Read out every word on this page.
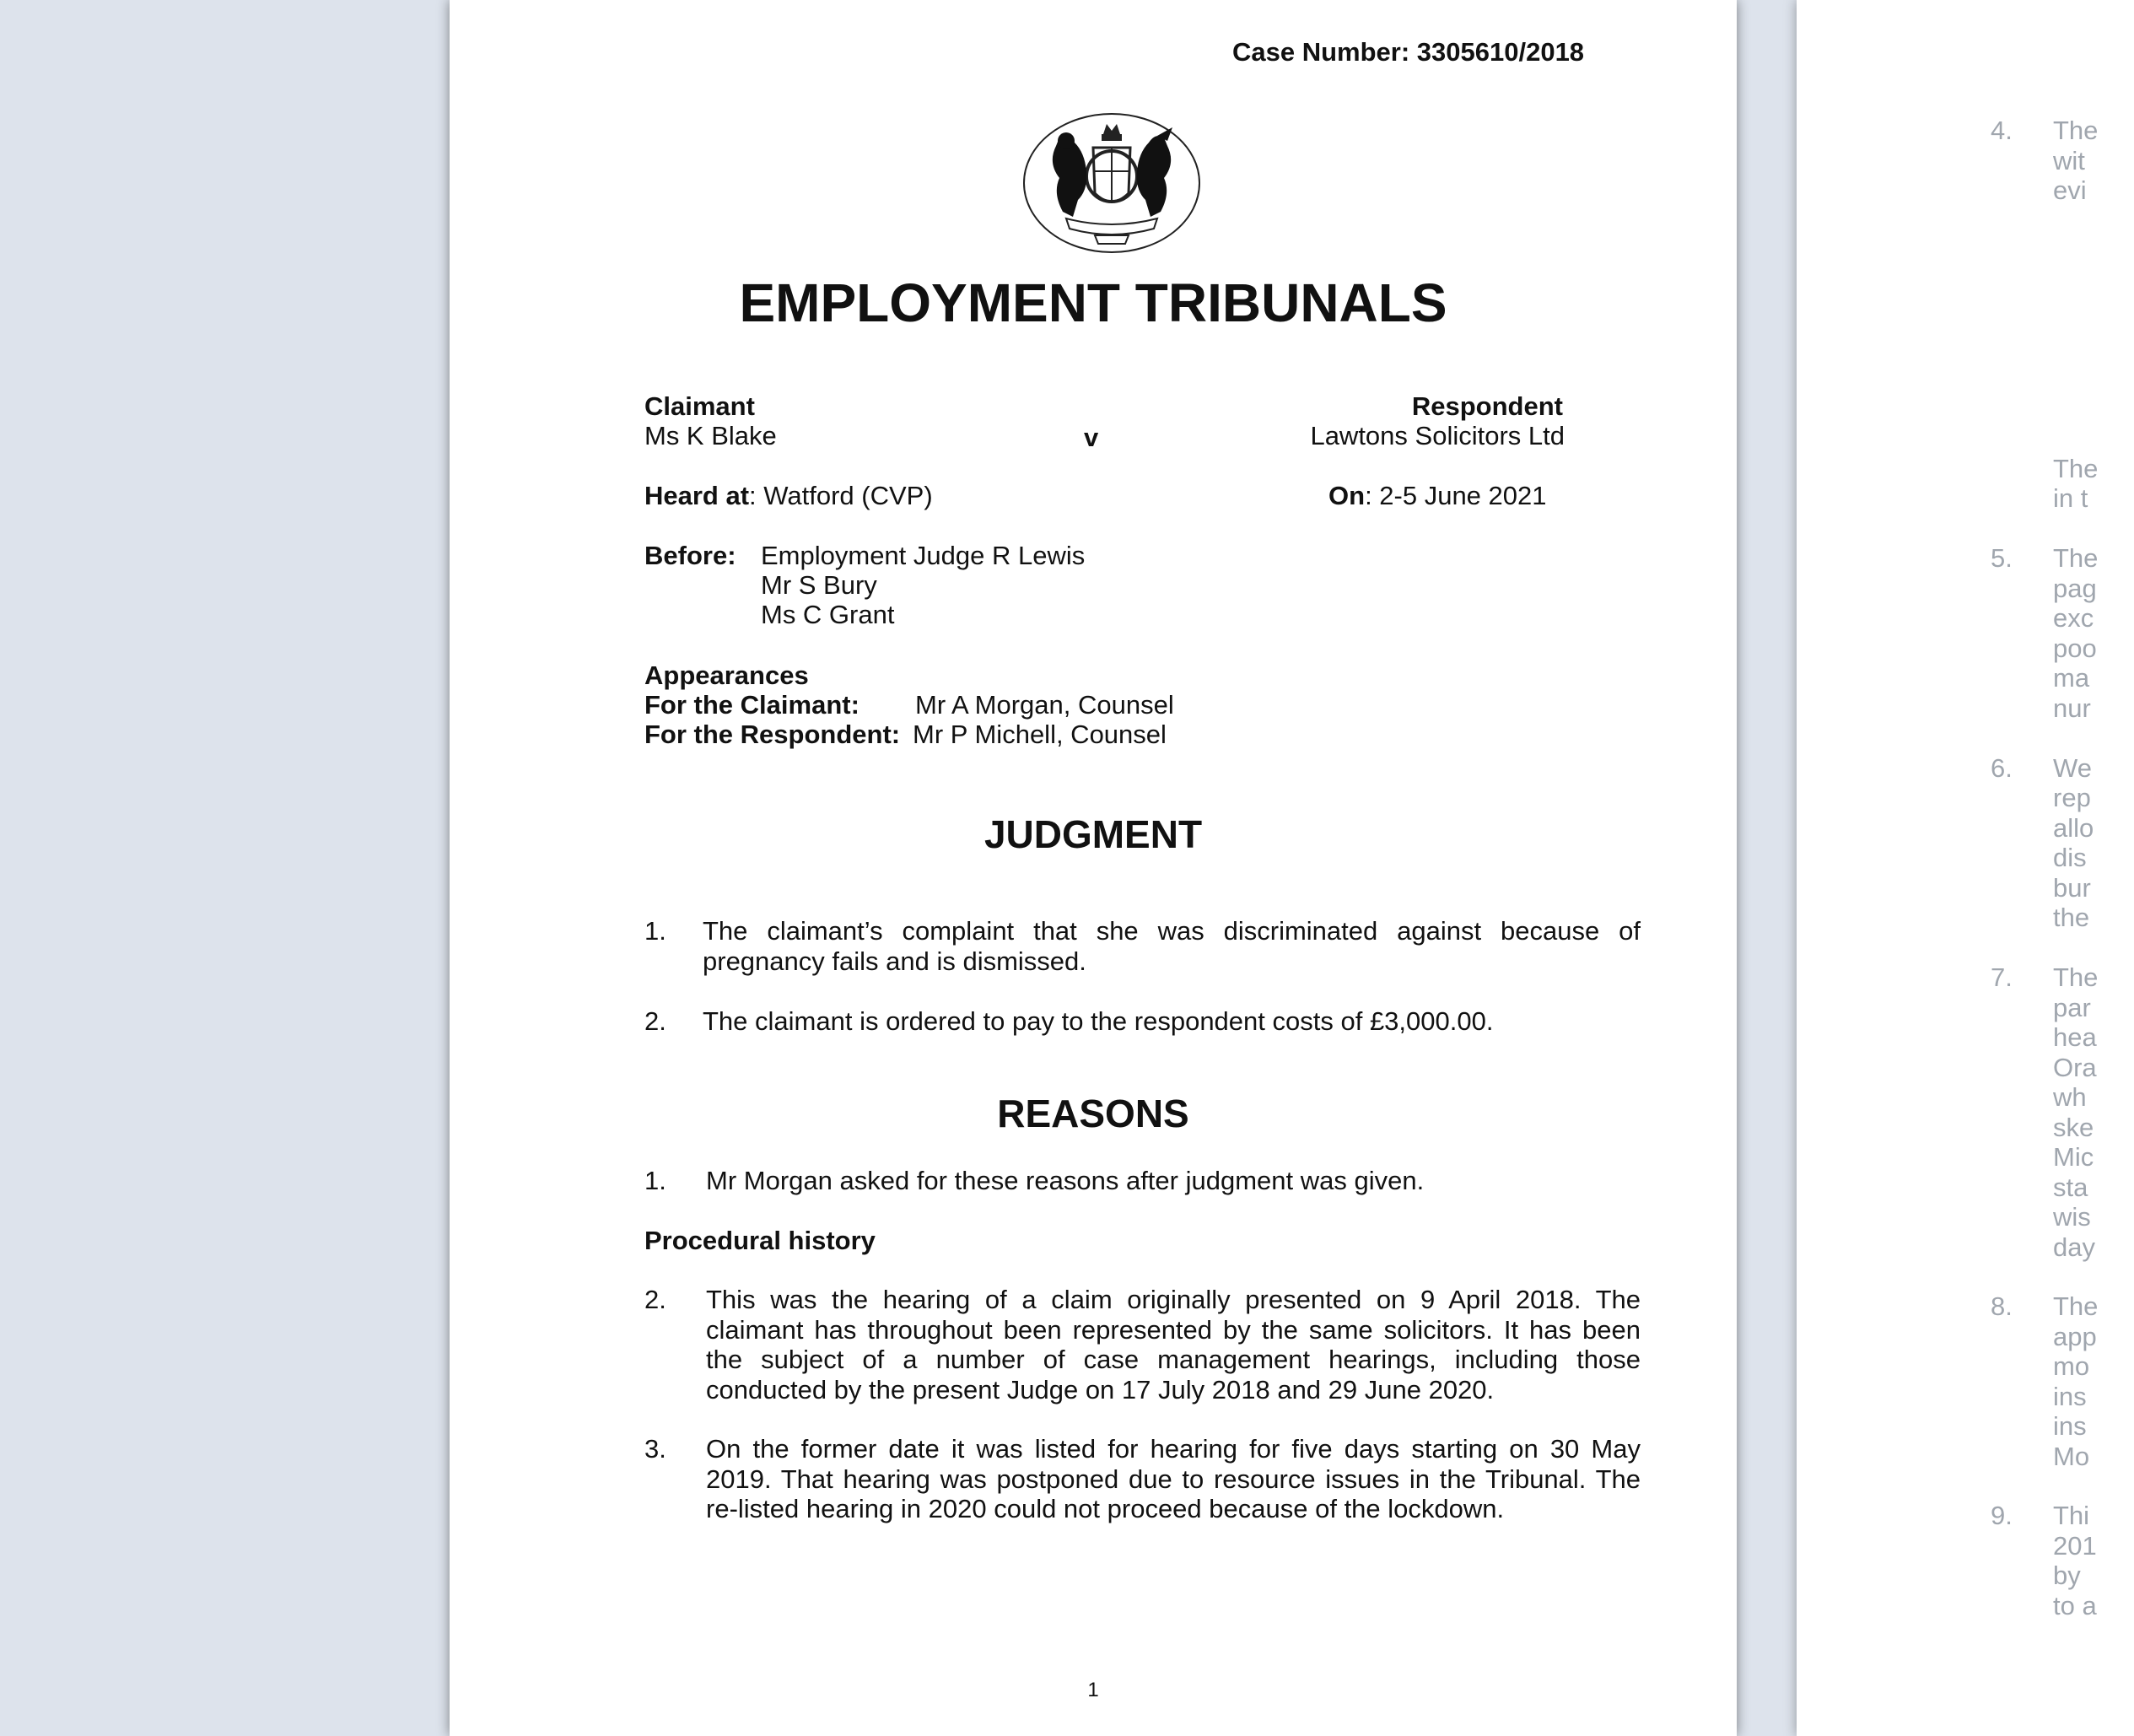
Case Number: 3305610/2018
EMPLOYMENT TRIBUNALS
Claimant
Ms K Blake	v
Respondent
Lawtons Solicitors Ltd
Heard at: Watford (CVP)	On: 2-5 June 2021
Before: Employment Judge R Lewis
Mr S Bury
Ms C Grant
Appearances
For the Claimant: Mr A Morgan, Counsel
For the Respondent: Mr P Michell, Counsel
JUDGMENT
1. The claimant’s complaint that she was discriminated against because of pregnancy fails and is dismissed.
2. The claimant is ordered to pay to the respondent costs of £3,000.00.
REASONS
1. Mr Morgan asked for these reasons after judgment was given.
Procedural history
2. This was the hearing of a claim originally presented on 9 April 2018. The claimant has throughout been represented by the same solicitors. It has been the subject of a number of case management hearings, including those conducted by the present Judge on 17 July 2018 and 29 June 2020.
3. On the former date it was listed for hearing for five days starting on 30 May 2019. That hearing was postponed due to resource issues in the Tribunal. The re-listed hearing in 2020 could not proceed because of the lockdown.
1
4. The
wit
evi
The
in t
5. The
pag
exc
poo
ma
nur
6. We
rep
allo
dis
bur
the
7. The
par
hea
Ora
wh
ske
Mic
sta
wis
day
8. The
app
mo
ins
ins
Mo
9. Thi
201
by
to a
